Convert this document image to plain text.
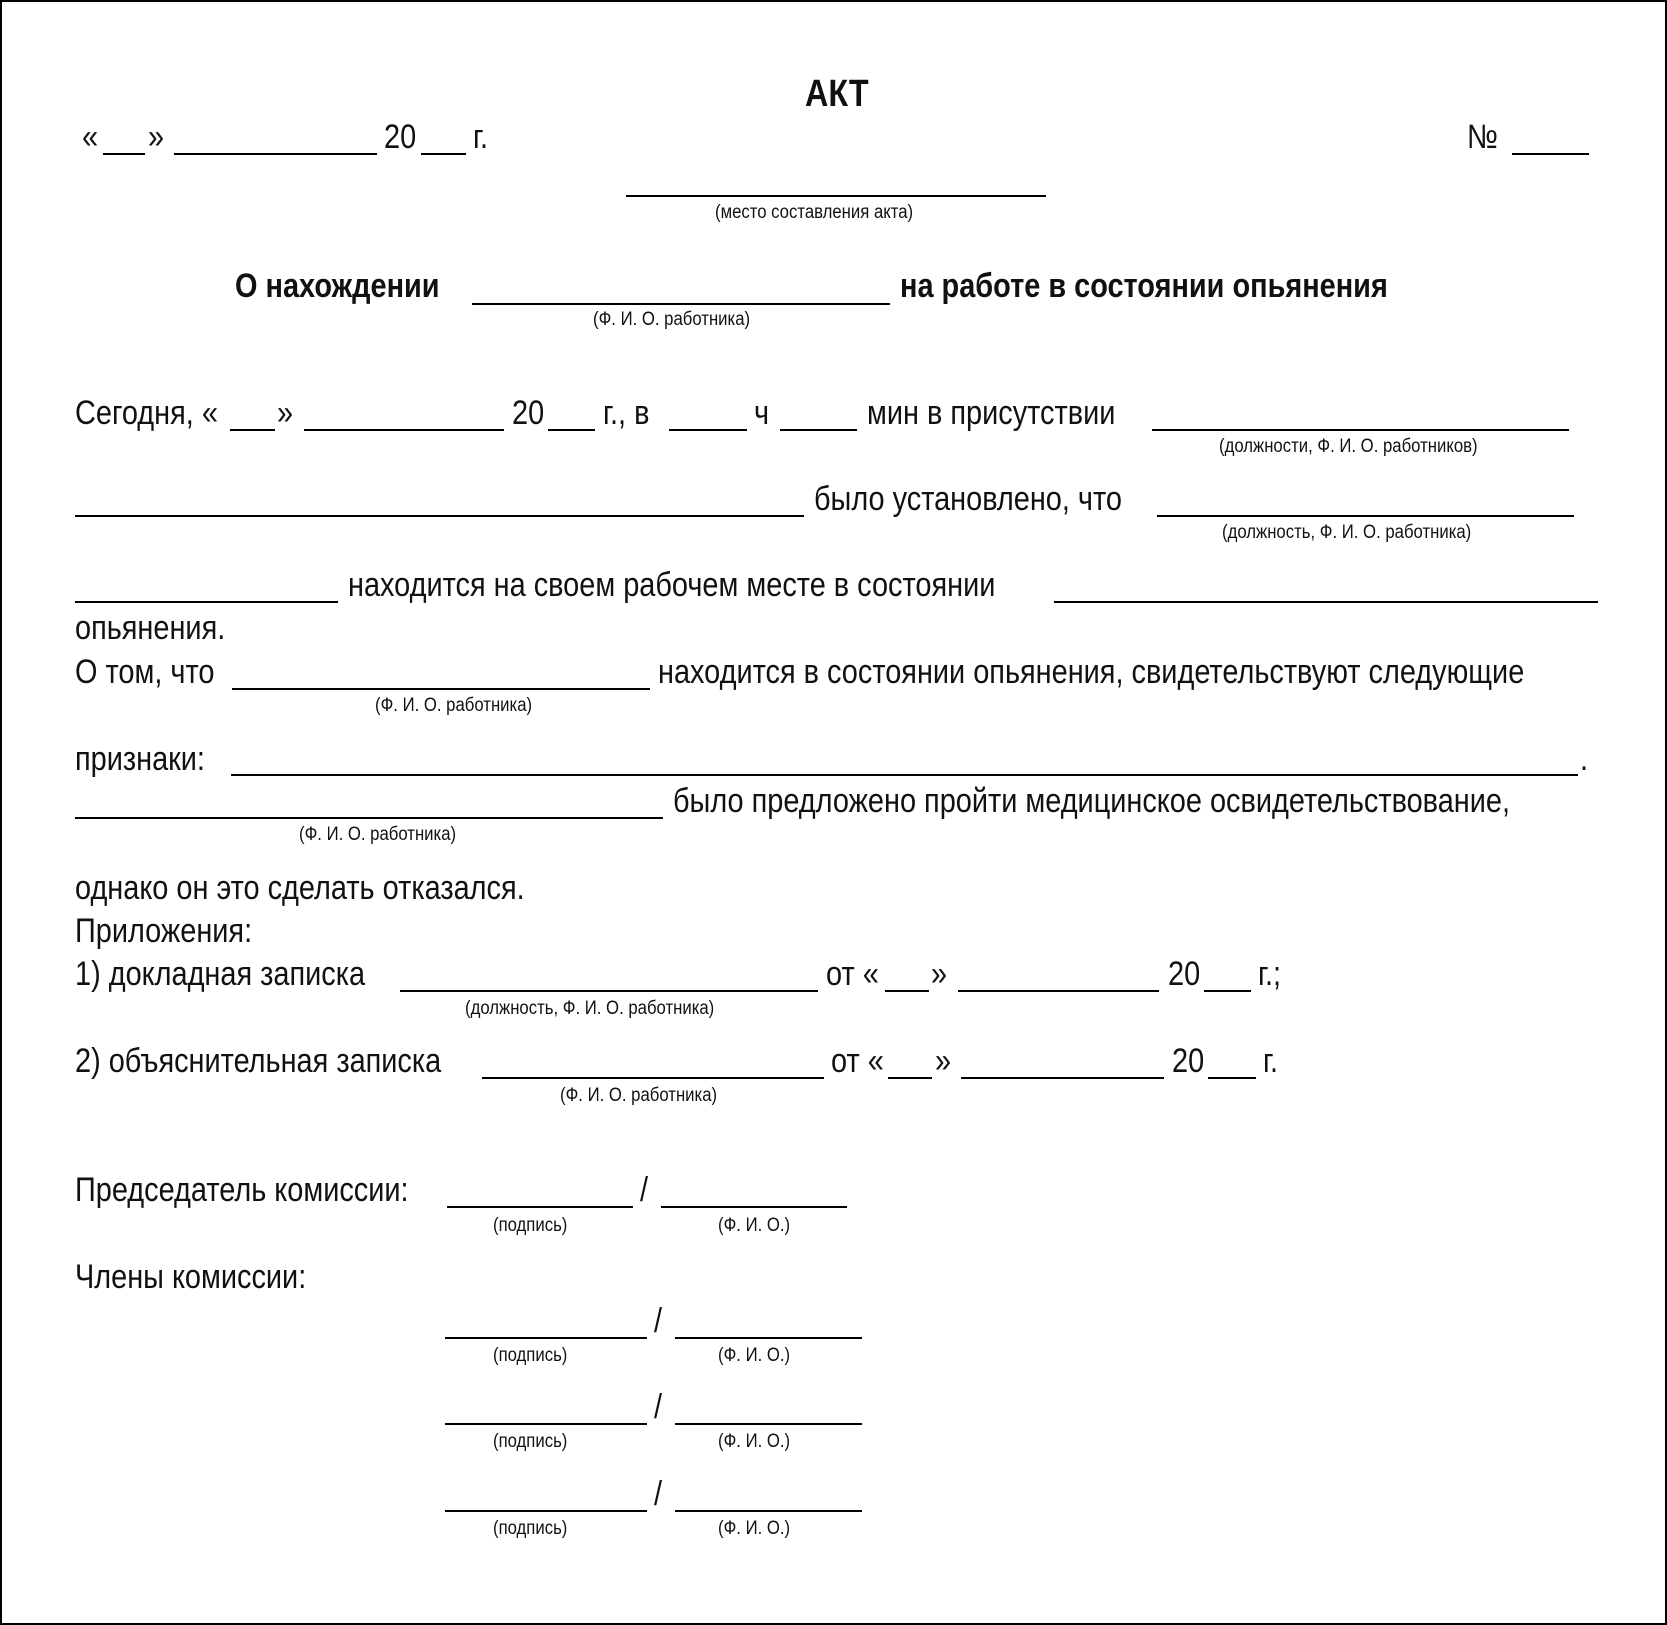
АКТ
« »	20 г.	№
(место составления акта)
О нахождении	на работе в состоянии опьянения
(Ф. И. О. работника)
Сегодня, « »	20 г., в	ч	мин в присутствии
(должности, Ф. И. О. работников)
было установлено, что
(должность, Ф. И. О. работника)
находится на своем рабочем месте в состоянии
опьянения.
О том, что	находится в состоянии опьянения, свидетельствуют следующие
(Ф. И. О. работника)
признаки:	.
было предложено пройти медицинское освидетельствование,
(Ф. И. О. работника)
однако он это сделать отказался.
Приложения:
1) докладная записка	от « »	20 г.;
(должность, Ф. И. О. работника)
2) объяснительная записка	от « »	20 г.
(Ф. И. О. работника)
Председатель комиссии:	/
(подпись)	(Ф. И. О.)
Члены комиссии:
/
(подпись)	(Ф. И. О.)
/
(подпись)	(Ф. И. О.)
/
(подпись)	(Ф. И. О.)
